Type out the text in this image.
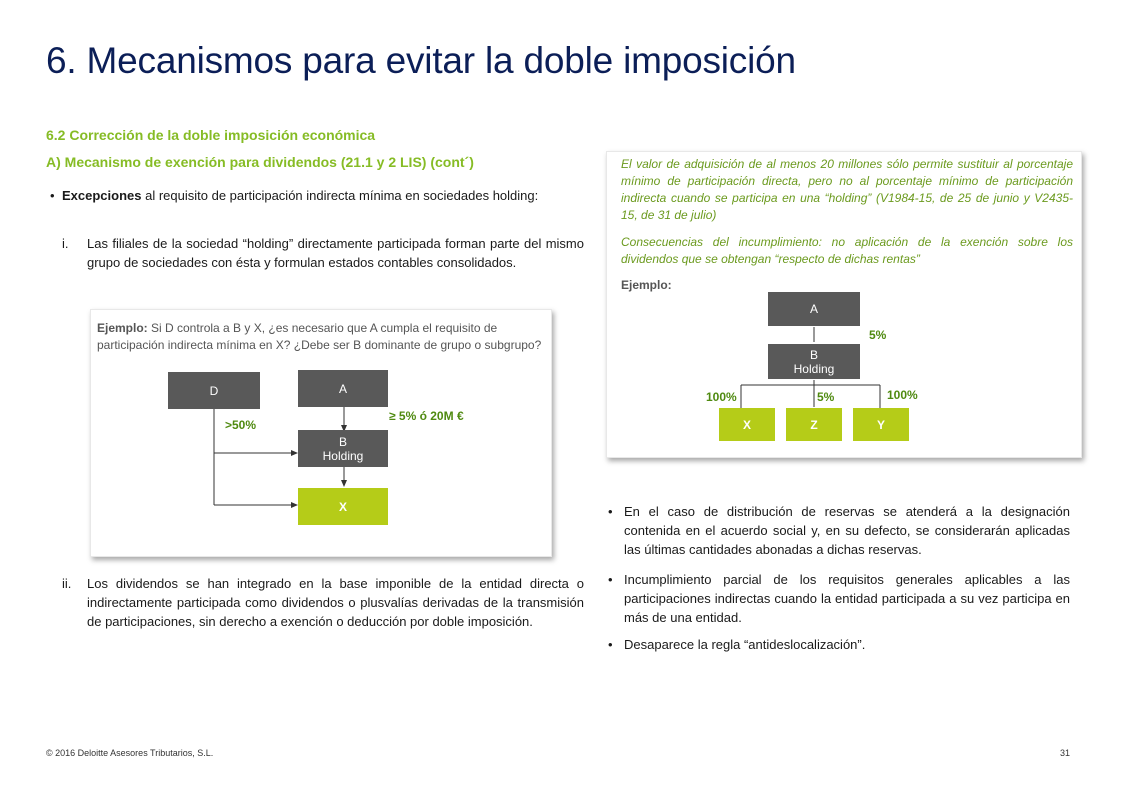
6. Mecanismos para evitar la doble imposición
6.2 Corrección de la doble imposición económica
A) Mecanismo de exención para dividendos (21.1 y 2 LIS) (cont´)
• Excepciones al requisito de participación indirecta mínima en sociedades holding:
i. Las filiales de la sociedad “holding” directamente participada forman parte del mismo grupo de sociedades con ésta y formulan estados contables consolidados.
Ejemplo: Si D controla a B y X, ¿es necesario que A cumpla el requisito de participación indirecta mínima en X? ¿Debe ser B dominante de grupo o subgrupo?
D	A
B
Holding
X
>50%
≥ 5% ó 20M €
ii. Los dividendos se han integrado en la base imponible de la entidad directa o indirectamente participada como dividendos o plusvalías derivadas de la transmisión de participaciones, sin derecho a exención o deducción por doble imposición.
El valor de adquisición de al menos 20 millones sólo permite sustituir al porcentaje mínimo de participación directa, pero no al porcentaje mínimo de participación indirecta cuando se participa en una “holding” (V1984-15, de 25 de junio y V2435-15, de 31 de julio)
Consecuencias del incumplimiento: no aplicación de la exención sobre los dividendos que se obtengan “respecto de dichas rentas”
Ejemplo:
A
B
Holding
X	Z	Y
5%
100%	5%	100%
• En el caso de distribución de reservas se atenderá a la designación contenida en el acuerdo social y, en su defecto, se considerarán aplicadas las últimas cantidades abonadas a dichas reservas.
• Incumplimiento parcial de los requisitos generales aplicables a las participaciones indirectas cuando la entidad participada a su vez participa en más de una entidad.
• Desaparece la regla “antideslocalización”.
© 2016 Deloitte Asesores Tributarios, S.L.	31
